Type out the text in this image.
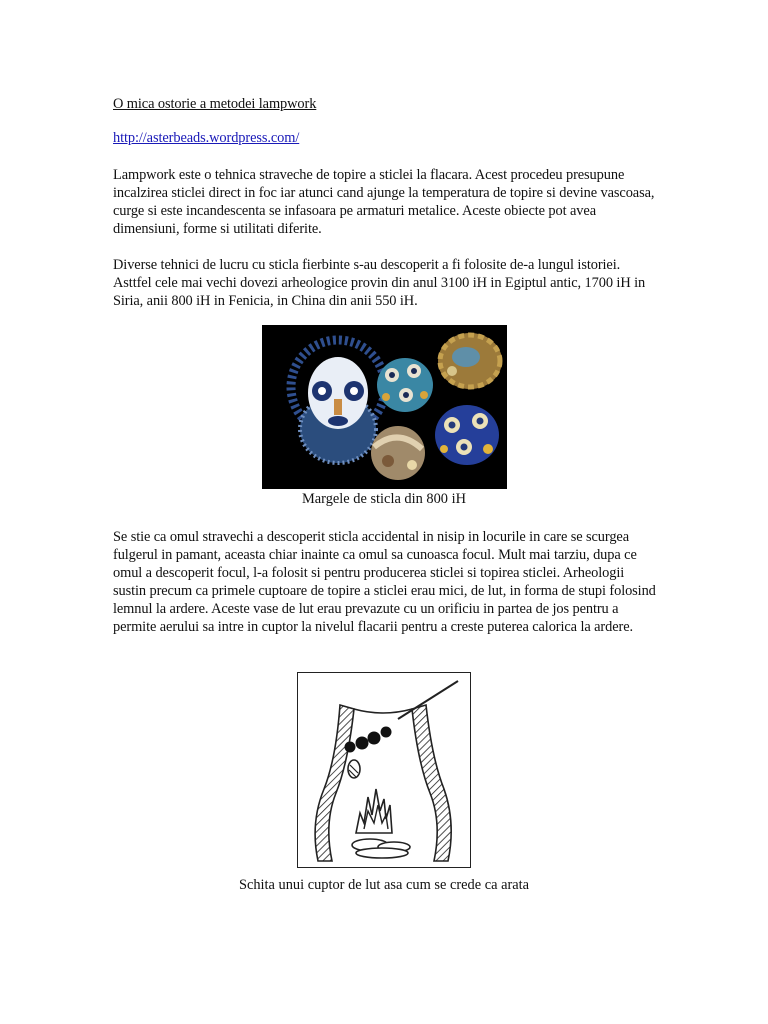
O mica ostorie a metodei lampwork
http://asterbeads.wordpress.com/
Lampwork este o tehnica straveche de topire a sticlei la flacara. Acest procedeu presupune incalzirea sticlei direct in foc iar atunci cand ajunge la temperatura de topire si devine vascoasa, curge si este incandescenta se infasoara pe armaturi metalice. Aceste obiecte pot avea dimensiuni, forme si utilitati diferite.
Diverse tehnici de lucru cu sticla fierbinte s-au descoperit a fi folosite de-a lungul istoriei. Asttfel cele mai vechi dovezi arheologice provin din anul 3100 iH in Egiptul antic, 1700 iH in Siria, anii 800 iH in Fenicia, in China din anii 550 iH.
Margele de sticla din 800 iH
Se stie ca omul stravechi a descoperit sticla accidental in nisip in locurile in care se scurgea fulgerul in pamant, aceasta chiar inainte ca omul sa cunoasca focul. Mult mai tarziu, dupa ce omul a descoperit focul, l-a folosit si pentru producerea sticlei si topirea sticlei. Arheologii sustin precum ca primele cuptoare de topire a sticlei erau mici, de lut, in forma de stupi folosind lemnul la ardere. Aceste vase de lut erau prevazute cu un orificiu in partea de jos pentru a permite aerului sa intre in cuptor la nivelul flacarii pentru a creste puterea calorica la ardere.
Schita unui cuptor de lut asa cum se crede ca arata
